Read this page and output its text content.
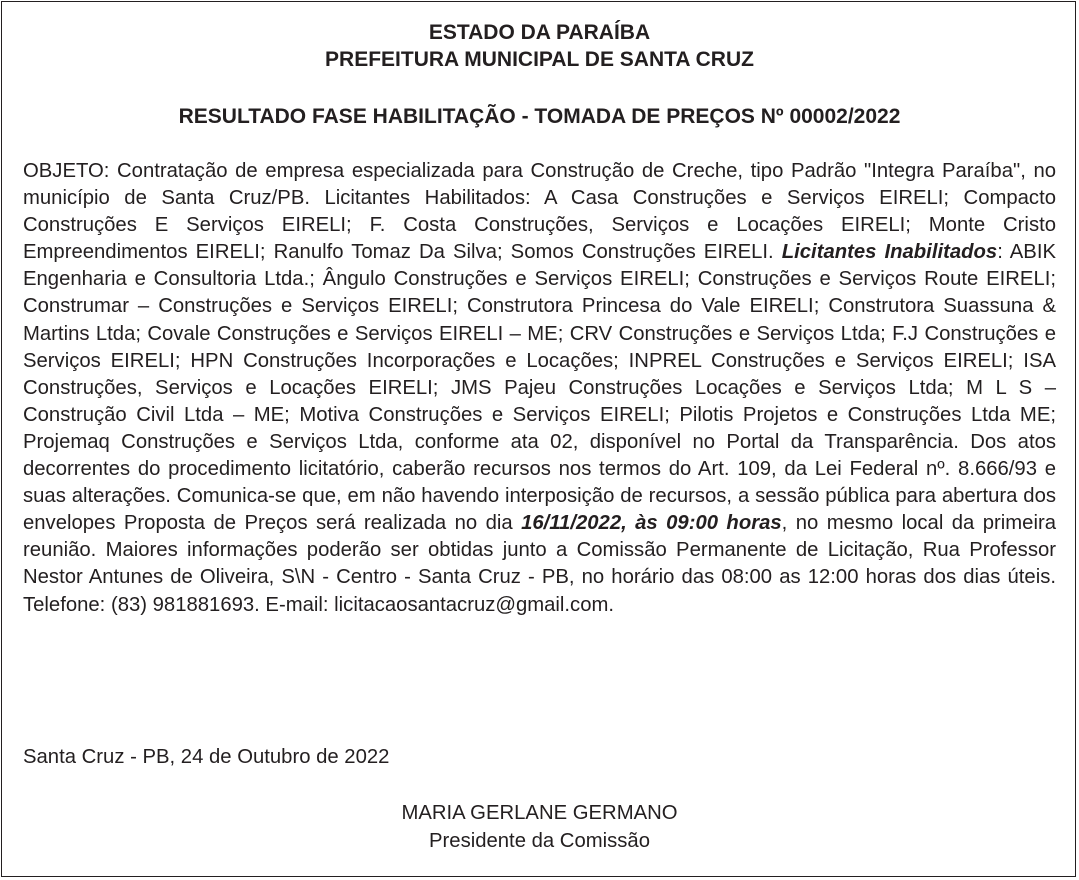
ESTADO DA PARAÍBA
PREFEITURA MUNICIPAL DE SANTA CRUZ
RESULTADO FASE HABILITAÇÃO - TOMADA DE PREÇOS Nº 00002/2022

OBJETO: Contratação de empresa especializada para Construção de Creche, tipo Padrão "Integra Paraíba", no município de Santa Cruz/PB. Licitantes Habilitados: A Casa Construções e Serviços EIRELI; Compacto Construções E Serviços EIRELI; F. Costa Construções, Serviços e Locações EIRELI; Monte Cristo Empreendimentos EIRELI; Ranulfo Tomaz Da Silva; Somos Construções EIRELI. Licitantes Inabilitados: ABIK Engenharia e Consultoria Ltda.; Ângulo Construções e Serviços EIRELI; Construções e Serviços Route EIRELI; Construmar – Construções e Serviços EIRELI; Construtora Princesa do Vale EIRELI; Construtora Suassuna & Martins Ltda; Covale Construções e Serviços EIRELI – ME; CRV Construções e Serviços Ltda; F.J Construções e Serviços EIRELI; HPN Construções Incorporações e Locações; INPREL Construções e Serviços EIRELI; ISA Construções, Serviços e Locações EIRELI; JMS Pajeu Construções Locações e Serviços Ltda; M L S – Construção Civil Ltda – ME; Motiva Construções e Serviços EIRELI; Pilotis Projetos e Construções Ltda ME; Projemaq Construções e Serviços Ltda, conforme ata 02, disponível no Portal da Transparência. Dos atos decorrentes do procedimento licitatório, caberão recursos nos termos do Art. 109, da Lei Federal nº. 8.666/93 e suas alterações. Comunica-se que, em não havendo interposição de recursos, a sessão pública para abertura dos envelopes Proposta de Preços será realizada no dia 16/11/2022, às 09:00 horas, no mesmo local da primeira reunião. Maiores informações poderão ser obtidas junto a Comissão Permanente de Licitação, Rua Professor Nestor Antunes de Oliveira, S\N - Centro - Santa Cruz - PB, no horário das 08:00 as 12:00 horas dos dias úteis. Telefone: (83) 981881693. E-mail: licitacaosantacruz@gmail.com.

Santa Cruz - PB, 24 de Outubro de 2022
MARIA GERLANE GERMANO
Presidente da Comissão
